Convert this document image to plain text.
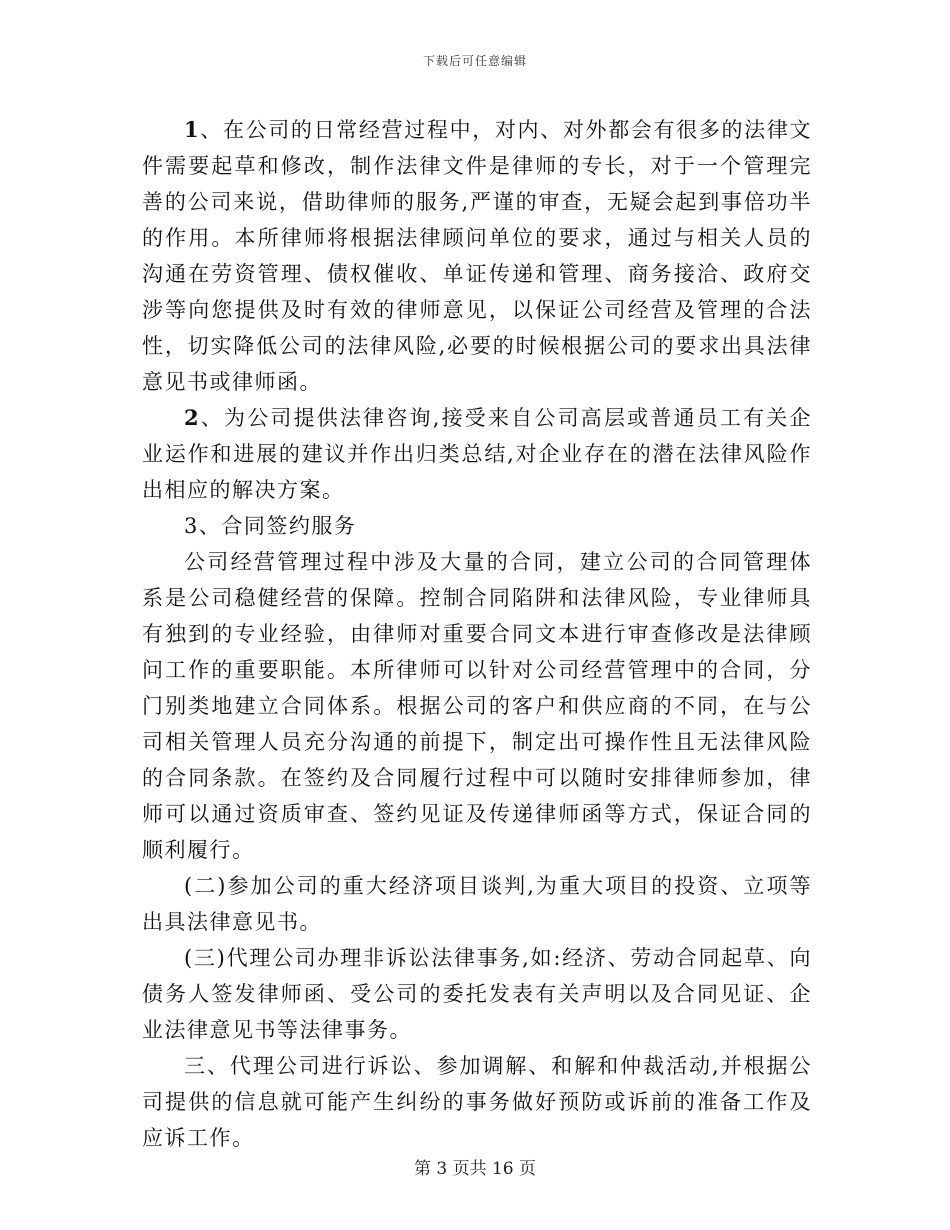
下载后可任意编辑

1、在公司的日常经营过程中，对内、对外都会有很多的法律文件需要起草和修改，制作法律文件是律师的专长，对于一个管理完善的公司来说，借助律师的服务,严谨的审查，无疑会起到事倍功半的作用。本所律师将根据法律顾问单位的要求，通过与相关人员的沟通在劳资管理、债权催收、单证传递和管理、商务接洽、政府交涉等向您提供及时有效的律师意见，以保证公司经营及管理的合法性，切实降低公司的法律风险,必要的时候根据公司的要求出具法律意见书或律师函。

2、为公司提供法律咨询,接受来自公司高层或普通员工有关企业运作和进展的建议并作出归类总结,对企业存在的潜在法律风险作出相应的解决方案。

3、合同签约服务

公司经营管理过程中涉及大量的合同，建立公司的合同管理体系是公司稳健经营的保障。控制合同陷阱和法律风险，专业律师具有独到的专业经验，由律师对重要合同文本进行审查修改是法律顾问工作的重要职能。本所律师可以针对公司经营管理中的合同，分门别类地建立合同体系。根据公司的客户和供应商的不同，在与公司相关管理人员充分沟通的前提下，制定出可操作性且无法律风险的合同条款。在签约及合同履行过程中可以随时安排律师参加，律师可以通过资质审查、签约见证及传递律师函等方式，保证合同的顺利履行。

(二)参加公司的重大经济项目谈判,为重大项目的投资、立项等出具法律意见书。

(三)代理公司办理非诉讼法律事务,如:经济、劳动合同起草、向债务人签发律师函、受公司的委托发表有关声明以及合同见证、企业法律意见书等法律事务。

三、代理公司进行诉讼、参加调解、和解和仲裁活动,并根据公司提供的信息就可能产生纠纷的事务做好预防或诉前的准备工作及应诉工作。

第 3 页共 16 页
